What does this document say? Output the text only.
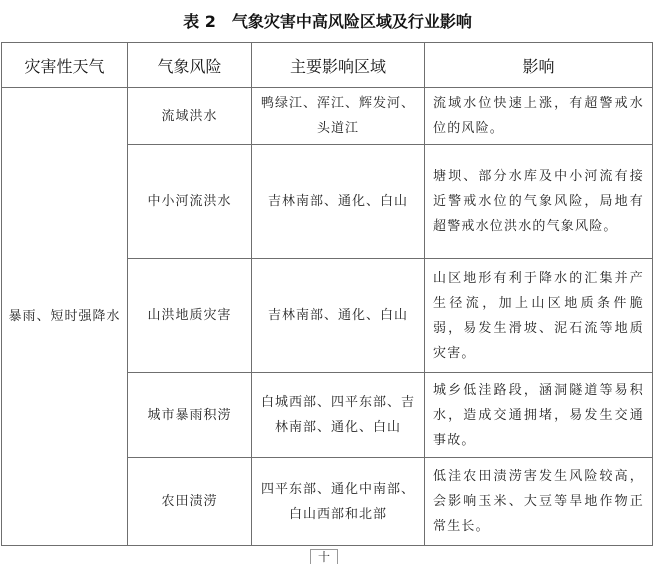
表 2　气象灾害中高风险区域及行业影响
灾害性天气	气象风险	主要影响区域	影响
暴雨、短时强降水	流域洪水	鸭绿江、浑江、辉发河、头道江	流域水位快速上涨，有超警戒水位的风险。
	中小河流洪水	吉林南部、通化、白山	塘坝、部分水库及中小河流有接近警戒水位的气象风险，局地有超警戒水位洪水的气象风险。
	山洪地质灾害	吉林南部、通化、白山	山区地形有利于降水的汇集并产生径流，加上山区地质条件脆弱，易发生滑坡、泥石流等地质灾害。
	城市暴雨积涝	白城西部、四平东部、吉林南部、通化、白山	城乡低洼路段，涵洞隧道等易积水，造成交通拥堵，易发生交通事故。
	农田渍涝	四平东部、通化中南部、白山西部和北部	低洼农田渍涝害发生风险较高，会影响玉米、大豆等旱地作物正常生长。
十
